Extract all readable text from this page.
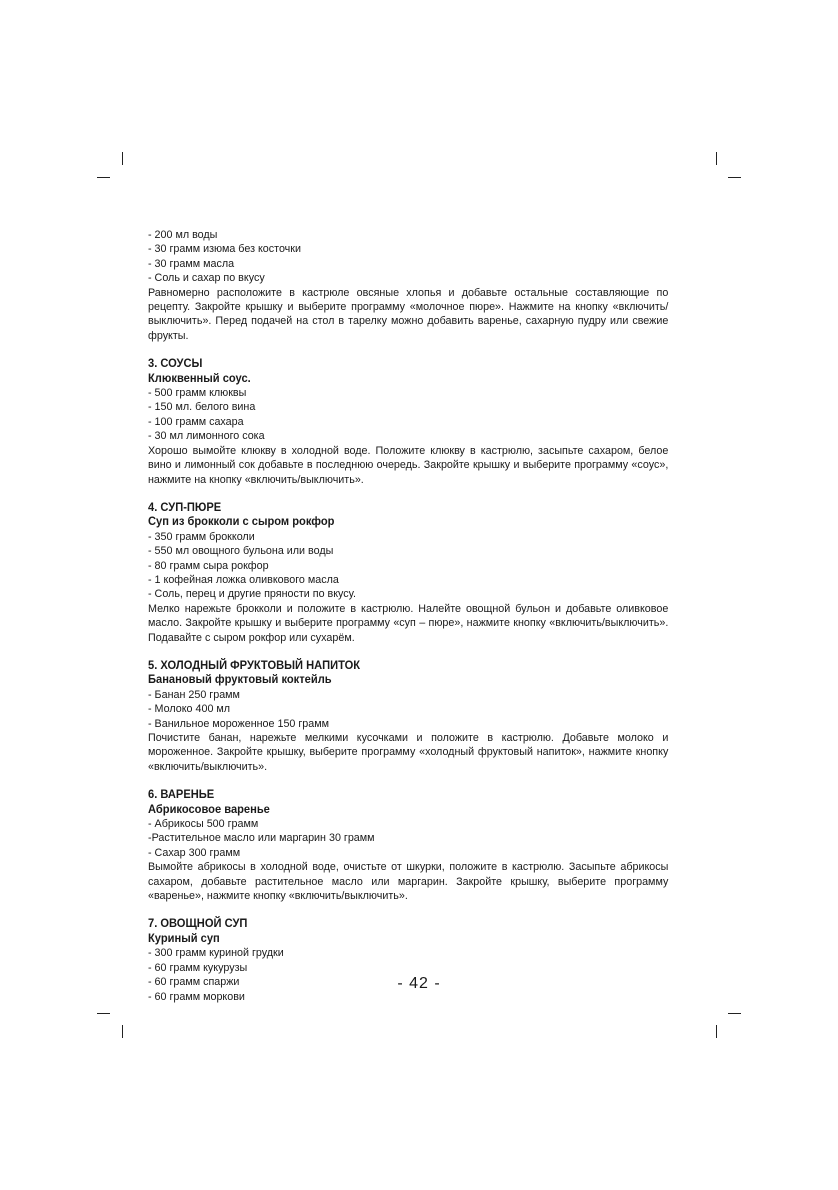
- 200 мл воды
- 30 грамм изюма без косточки
- 30 грамм масла
- Соль и сахар по вкусу
Равномерно расположите в кастрюле овсяные хлопья и добавьте остальные составляющие по рецепту. Закройте крышку и выберите программу «молочное пюре». Нажмите на кнопку «включить/выключить». Перед подачей на стол в тарелку можно добавить варенье, сахарную пудру или свежие фрукты.
3. СОУСЫ
Клюквенный соус.
- 500 грамм клюквы
- 150 мл. белого вина
- 100 грамм сахара
- 30 мл лимонного сока
Хорошо вымойте клюкву в холодной воде. Положите клюкву в кастрюлю, засыпьте сахаром, белое вино и лимонный сок добавьте в последнюю очередь. Закройте крышку и выберите программу «соус», нажмите на кнопку «включить/выключить».
4. СУП-ПЮРЕ
Суп из брокколи с сыром рокфор
- 350 грамм брокколи
- 550 мл овощного бульона или воды
- 80 грамм сыра рокфор
- 1 кофейная ложка оливкового масла
- Соль, перец и другие пряности по вкусу.
Мелко нарежьте брокколи и положите в кастрюлю. Налейте овощной бульон и добавьте оливковое масло. Закройте крышку и выберите программу «суп – пюре», нажмите кнопку «включить/выключить». Подавайте с сыром рокфор или сухарём.
5. ХОЛОДНЫЙ ФРУКТОВЫЙ НАПИТОК
Банановый фруктовый коктейль
- Банан 250 грамм
- Молоко 400 мл
- Ванильное мороженное 150 грамм
Почистите банан, нарежьте мелкими кусочками и положите в кастрюлю. Добавьте молоко и мороженное. Закройте крышку, выберите программу «холодный фруктовый напиток», нажмите кнопку «включить/выключить».
6. ВАРЕНЬЕ
Абрикосовое варенье
- Абрикосы 500 грамм
-Растительное масло или маргарин 30 грамм
- Сахар 300 грамм
Вымойте абрикосы в холодной воде, очистьте от шкурки, положите в кастрюлю. Засыпьте абрикосы сахаром, добавьте растительное масло или маргарин. Закройте крышку, выберите программу «варенье», нажмите кнопку «включить/выключить».
7. ОВОЩНОЙ СУП
Куриный суп
- 300 грамм куриной грудки
- 60 грамм кукурузы
- 60 грамм спаржи
- 60 грамм моркови
- 42 -
